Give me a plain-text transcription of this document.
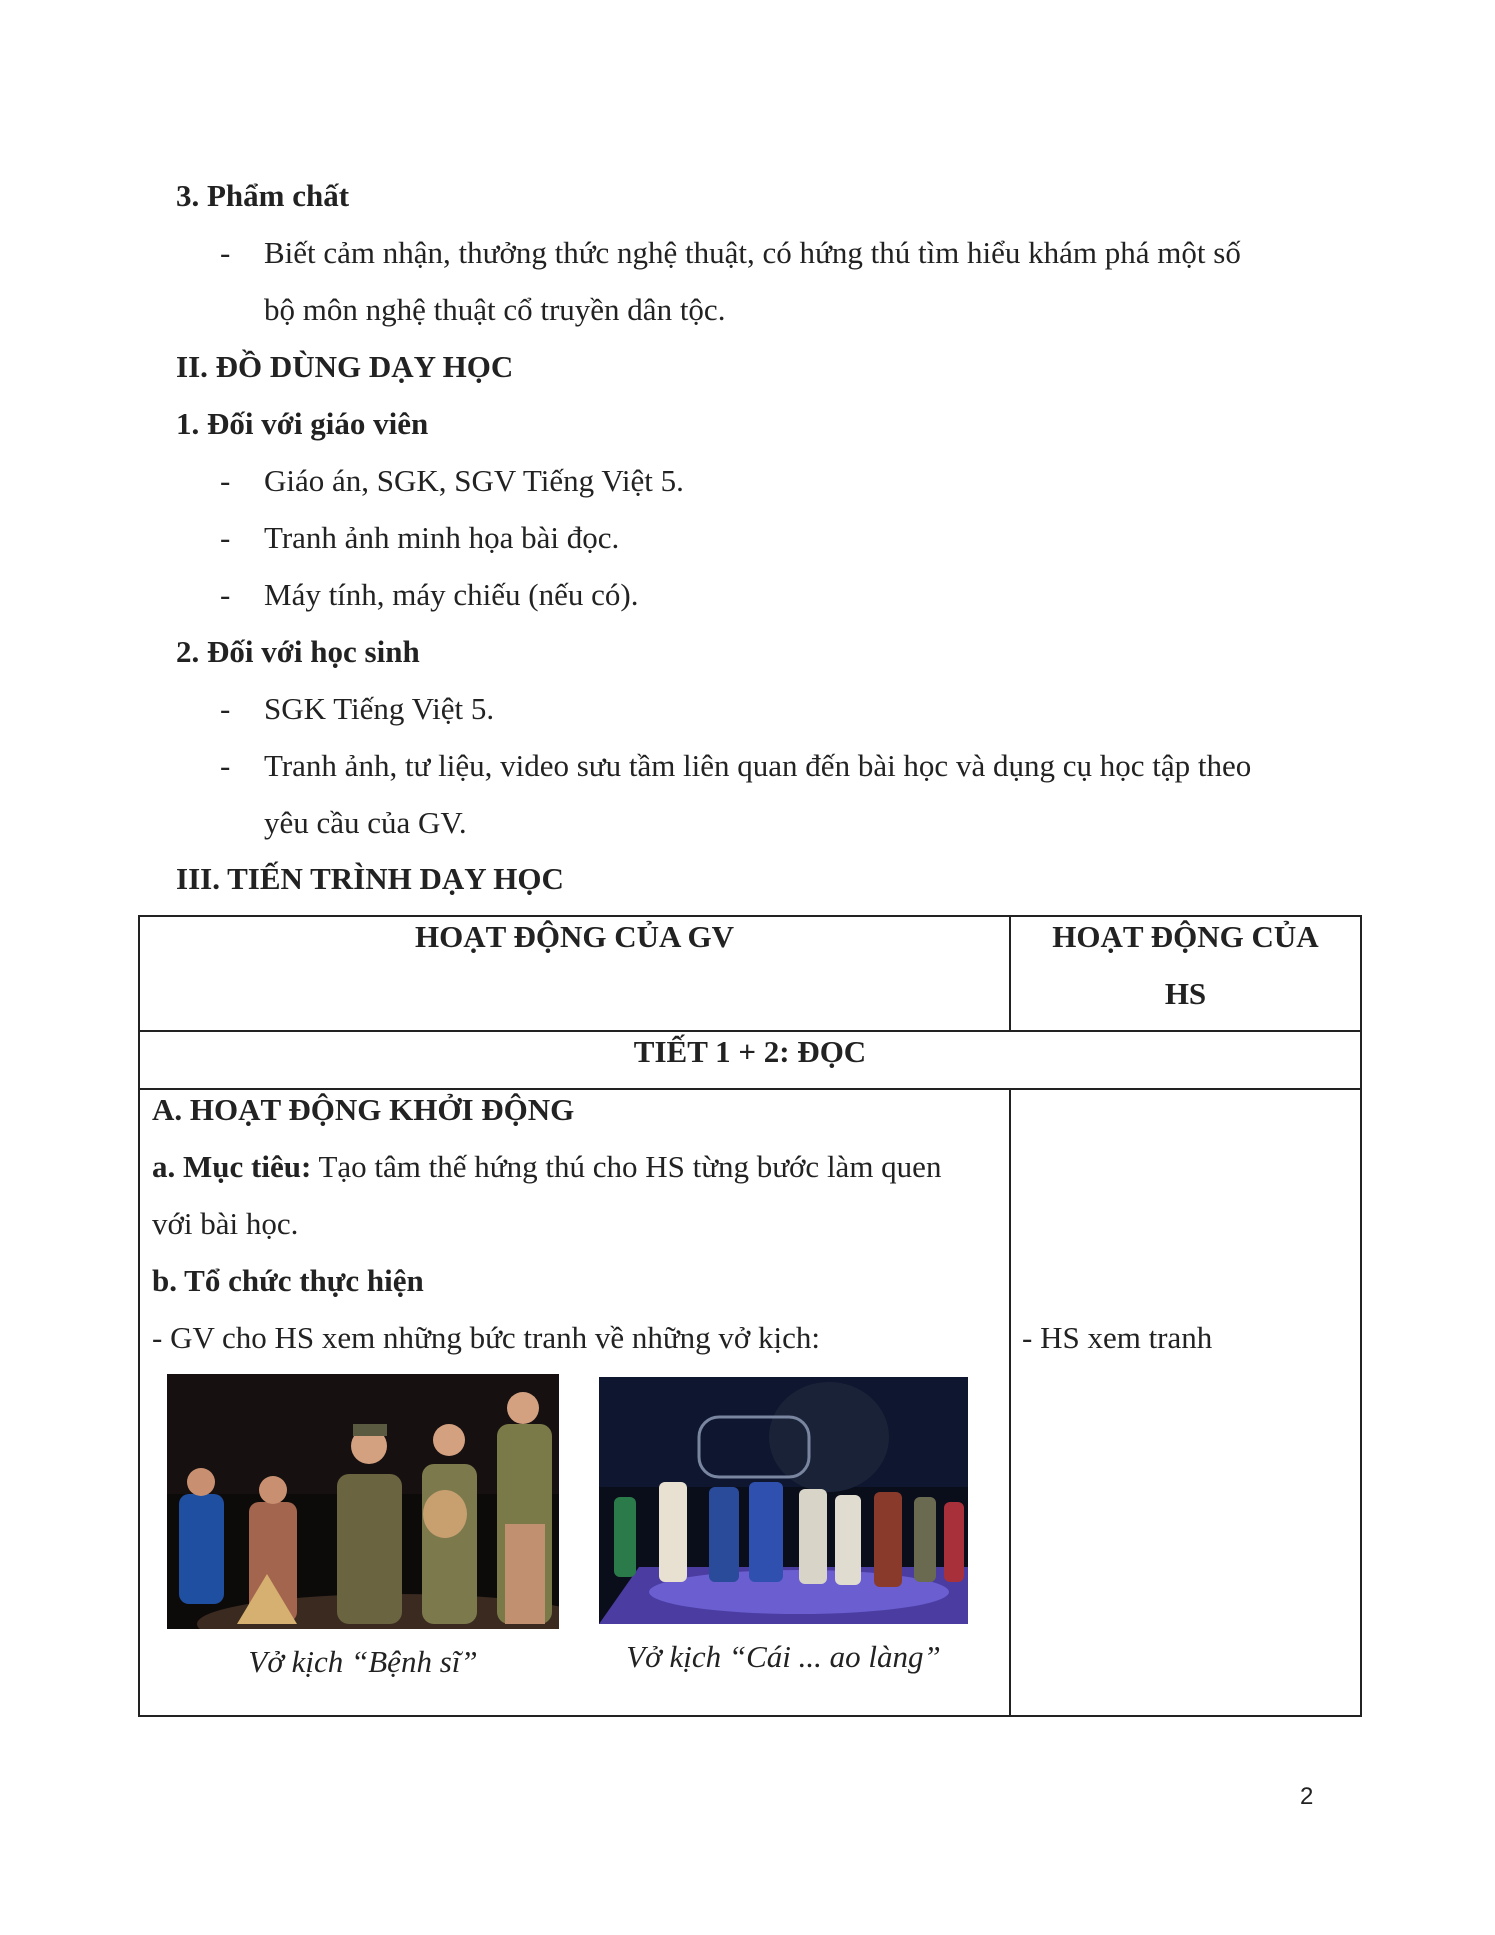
3. Phẩm chất
- Biết cảm nhận, thưởng thức nghệ thuật, có hứng thú tìm hiểu khám phá một số
bộ môn nghệ thuật cổ truyền dân tộc.
II. ĐỒ DÙNG DẠY HỌC
1. Đối với giáo viên
- Giáo án, SGK, SGV Tiếng Việt 5.
- Tranh ảnh minh họa bài đọc.
- Máy tính, máy chiếu (nếu có).
2. Đối với học sinh
- SGK Tiếng Việt 5.
- Tranh ảnh, tư liệu, video sưu tầm liên quan đến bài học và dụng cụ học tập theo
yêu cầu của GV.
III. TIẾN TRÌNH DẠY HỌC
HOẠT ĐỘNG CỦA GV	HOẠT ĐỘNG CỦA
HS
TIẾT 1 + 2: ĐỌC
A. HOẠT ĐỘNG KHỞI ĐỘNG
a. Mục tiêu: Tạo tâm thế hứng thú cho HS từng bước làm quen
với bài học.
b. Tổ chức thực hiện
- GV cho HS xem những bức tranh về những vở kịch:	- HS xem tranh
Vở kịch “Bệnh sĩ”	Vở kịch “Cái ... ao làng”
2
